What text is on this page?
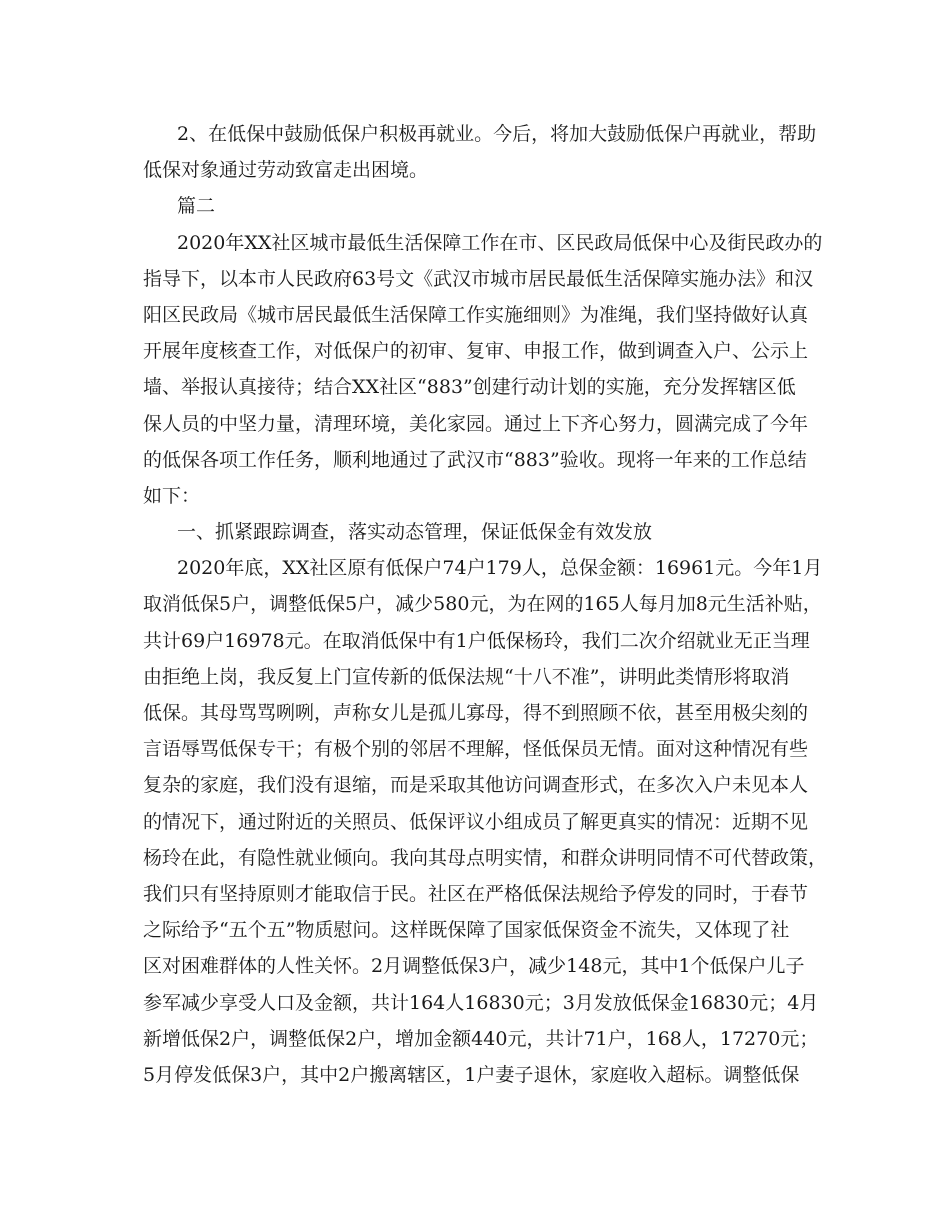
2、在低保中鼓励低保户积极再就业。今后，将加大鼓励低保户再就业，帮助
低保对象通过劳动致富走出困境。
篇二
2020年XX社区城市最低生活保障工作在市、区民政局低保中心及街民政办的
指导下，以本市人民政府63号文《武汉市城市居民最低生活保障实施办法》和汉
阳区民政局《城市居民最低生活保障工作实施细则》为准绳，我们坚持做好认真
开展年度核查工作，对低保户的初审、复审、申报工作，做到调查入户、公示上
墙、举报认真接待；结合XX社区“883”创建行动计划的实施，充分发挥辖区低
保人员的中坚力量，清理环境，美化家园。通过上下齐心努力，圆满完成了今年
的低保各项工作任务，顺利地通过了武汉市“883”验收。现将一年来的工作总结
如下：
一、抓紧跟踪调查，落实动态管理，保证低保金有效发放
2020年底，XX社区原有低保户74户179人，总保金额：16961元。今年1月
取消低保5户，调整低保5户，减少580元，为在网的165人每月加8元生活补贴，
共计69户16978元。在取消低保中有1户低保杨玲，我们二次介绍就业无正当理
由拒绝上岗，我反复上门宣传新的低保法规“十八不准”，讲明此类情形将取消
低保。其母骂骂咧咧，声称女儿是孤儿寡母，得不到照顾不依，甚至用极尖刻的
言语辱骂低保专干；有极个别的邻居不理解，怪低保员无情。面对这种情况有些
复杂的家庭，我们没有退缩，而是采取其他访问调查形式，在多次入户未见本人
的情况下，通过附近的关照员、低保评议小组成员了解更真实的情况：近期不见
杨玲在此，有隐性就业倾向。我向其母点明实情，和群众讲明同情不可代替政策，
我们只有坚持原则才能取信于民。社区在严格低保法规给予停发的同时，于春节
之际给予“五个五”物质慰问。这样既保障了国家低保资金不流失，又体现了社
区对困难群体的人性关怀。2月调整低保3户，减少148元，其中1个低保户儿子
参军减少享受人口及金额，共计164人16830元；3月发放低保金16830元；4月
新增低保2户，调整低保2户，增加金额440元，共计71户，168人，17270元；
5月停发低保3户，其中2户搬离辖区，1户妻子退休，家庭收入超标。调整低保
